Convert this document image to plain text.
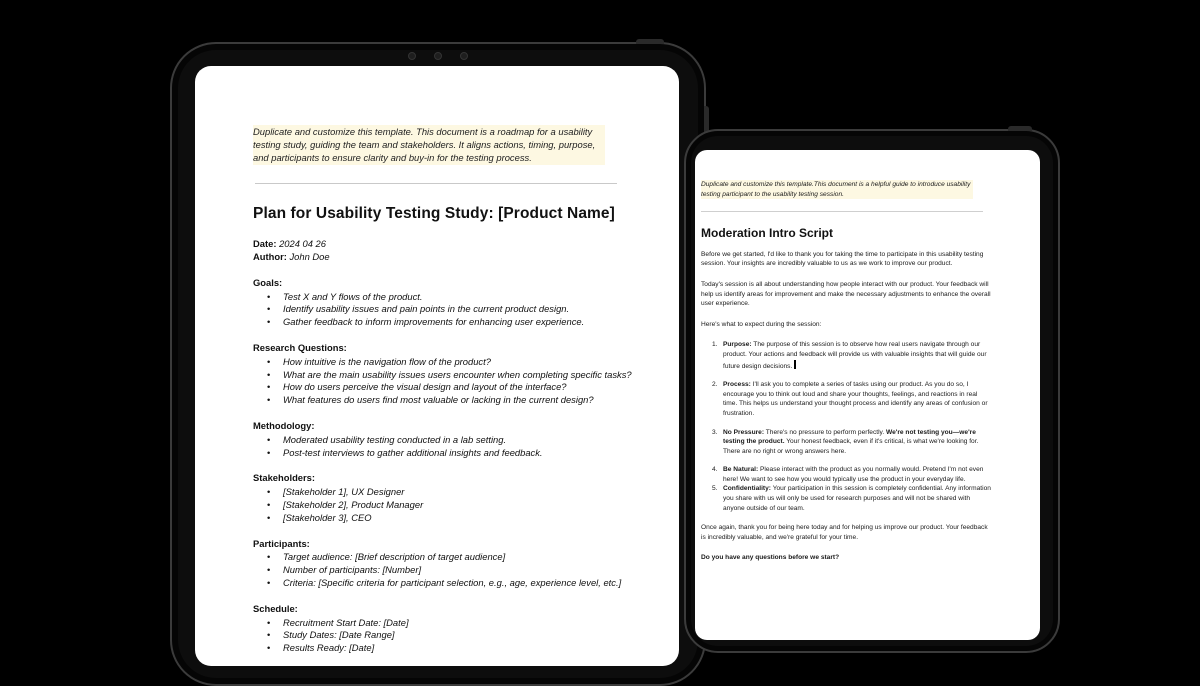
Duplicate and customize this template. This document is a roadmap for a usability testing study, guiding the team and stakeholders. It aligns actions, timing, purpose, and participants to ensure clarity and buy-in for the testing process.

Plan for Usability Testing Study: [Product Name]

Date: 2024 04 26

Author: John Doe

Goals:
• Test X and Y flows of the product.
• Identify usability issues and pain points in the current product design.
• Gather feedback to inform improvements for enhancing user experience.
Research Questions:
• How intuitive is the navigation flow of the product?
• What are the main usability issues users encounter when completing specific tasks?
• How do users perceive the visual design and layout of the interface?
• What features do users find most valuable or lacking in the current design?
Methodology:
• Moderated usability testing conducted in a lab setting.
• Post-test interviews to gather additional insights and feedback.
Stakeholders:
• [Stakeholder 1], UX Designer
• [Stakeholder 2], Product Manager
• [Stakeholder 3], CEO
Participants:
• Target audience: [Brief description of target audience]
• Number of participants: [Number]
• Criteria: [Specific criteria for participant selection, e.g., age, experience level, etc.]
Schedule:
• Recruitment Start Date: [Date]
• Study Dates: [Date Range]
• Results Ready: [Date]

Duplicate and customize this template.This document is a helpful guide to introduce usability testing participant to the usability testing session.

Moderation Intro Script

Before we get started, I'd like to thank you for taking the time to participate in this usability testing session. Your insights are incredibly valuable to us as we work to improve our product.

Today's session is all about understanding how people interact with our product. Your feedback will help us identify areas for improvement and make the necessary adjustments to enhance the overall user experience.

Here's what to expect during the session:

1. Purpose: The purpose of this session is to observe how real users navigate through our product. Your actions and feedback will provide us with valuable insights that will guide our future design decisions.
2. Process: I'll ask you to complete a series of tasks using our product. As you do so, I encourage you to think out loud and share your thoughts, feelings, and reactions in real time. This helps us understand your thought process and identify any areas of confusion or frustration.
3. No Pressure: There's no pressure to perform perfectly. We're not testing you—we're testing the product. Your honest feedback, even if it's critical, is what we're looking for. There are no right or wrong answers here.
4. Be Natural: Please interact with the product as you normally would. Pretend I'm not even here! We want to see how you would typically use the product in your everyday life.
5. Confidentiality: Your participation in this session is completely confidential. Any information you share with us will only be used for research purposes and will not be shared with anyone outside of our team.

Once again, thank you for being here today and for helping us improve our product. Your feedback is incredibly valuable, and we're grateful for your time.

Do you have any questions before we start?
